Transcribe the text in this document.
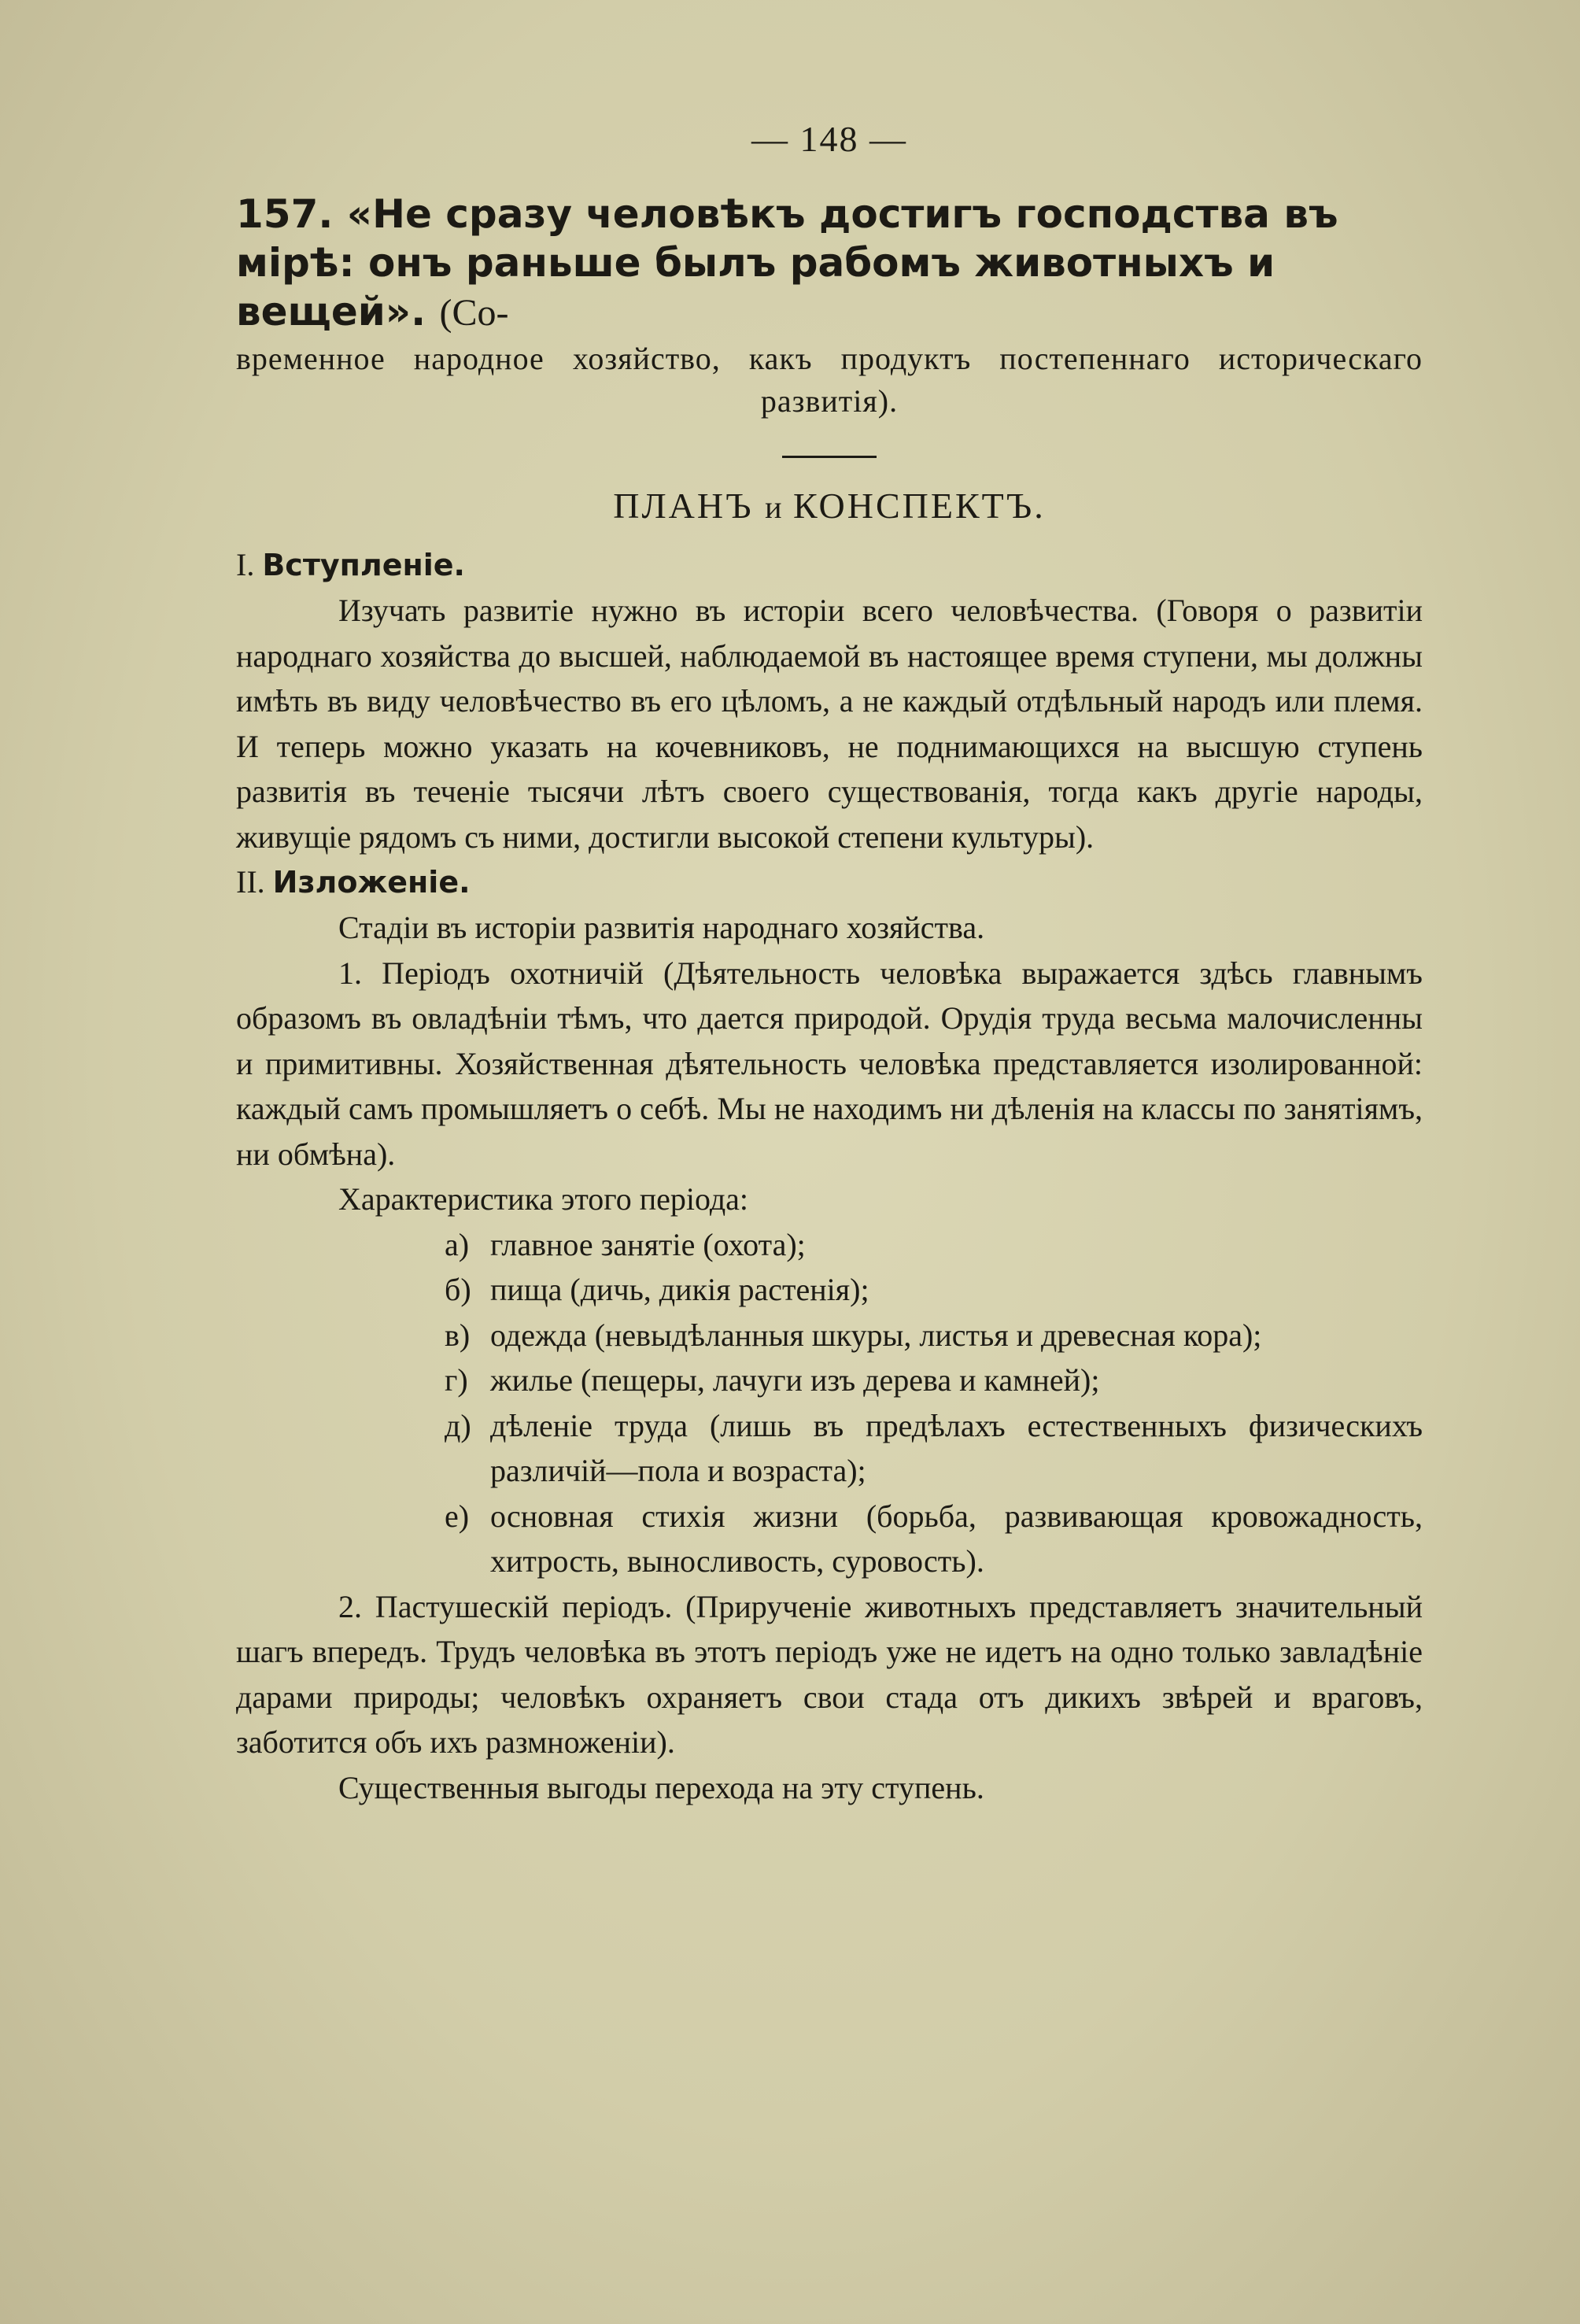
— 148 —

157. «Не сразу человѣкъ достигъ господства въ мірѣ: онъ раньше былъ рабомъ животныхъ и вещей». (Со-

временное народное хозяйство, какъ продуктъ постепеннаго историческаго развитія).

ПЛАНЪ и КОНСПЕКТЪ.

I. Вступленіе.

Изучать развитіе нужно въ исторіи всего человѣчества. (Говоря о развитіи народнаго хозяйства до высшей, наблюдаемой въ настоящее время ступени, мы должны имѣть въ виду человѣчество въ его цѣломъ, а не каждый отдѣльный народъ или племя. И теперь можно указать на кочевниковъ, не поднимающихся на высшую ступень развитія въ теченіе тысячи лѣтъ своего существованія, тогда какъ другіе народы, живущіе рядомъ съ ними, достигли высокой степени культуры).

II. Изложеніе.

Стадіи въ исторіи развитія народнаго хозяйства.

1. Періодъ охотничій (Дѣятельность человѣка выражается здѣсь главнымъ образомъ въ овладѣніи тѣмъ, что дается природой. Орудія труда весьма малочисленны и примитивны. Хозяйственная дѣятельность человѣка представляется изолированной: каждый самъ промышляетъ о себѣ. Мы не находимъ ни дѣленія на классы по занятіямъ, ни обмѣна).

Характеристика этого періода:

а) главное занятіе (охота);
б) пища (дичь, дикія растенія);
в) одежда (невыдѣланныя шкуры, листья и древесная кора);
г) жилье (пещеры, лачуги изъ дерева и камней);
д) дѣленіе труда (лишь въ предѣлахъ естественныхъ физическихъ различій—пола и возраста);
е) основная стихія жизни (борьба, развивающая кровожадность, хитрость, выносливость, суровость).

2. Пастушескій періодъ. (Прирученіе животныхъ представляетъ значительный шагъ впередъ. Трудъ человѣка въ этотъ періодъ уже не идетъ на одно только завладѣніе дарами природы; человѣкъ охраняетъ свои стада отъ дикихъ звѣрей и враговъ, заботится объ ихъ размноженіи).

Существенныя выгоды перехода на эту ступень.
